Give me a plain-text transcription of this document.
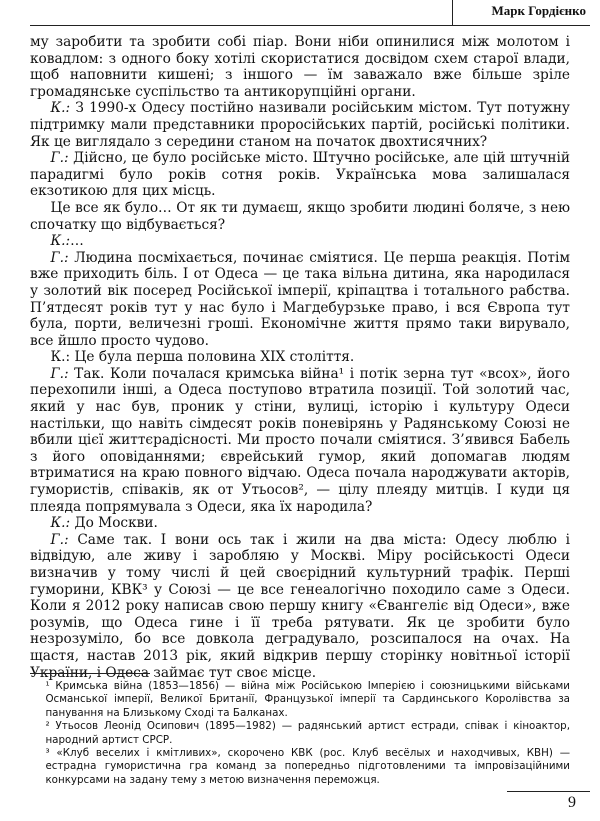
Марк Гордієнко

му заробити та зробити собі піар. Вони ніби опинилися між молотом і ковадлом: з одного боку хотілі скористатися досвідом схем старої влади, щоб наповнити кишені; з іншого — їм заважало вже більше зріле громадянське суспільство та антикорупційні органи.

К.: З 1990-х Одесу постійно називали російським містом. Тут потужну підтримку мали представники проросійських партій, російські політики. Як це виглядало з середини станом на початок двохтисячних?

Г.: Дійсно, це було російське місто. Штучно російське, але цій штучній парадигмі було років сотня років. Українська мова залишалася екзотикою для цих місць.

Це все як було… От як ти думаєш, якщо зробити людині боляче, з нею спочатку що відбувається?

К.:…

Г.: Людина посміхається, починає сміятися. Це перша реакція. Потім вже приходить біль. І от Одеса — це така вільна дитина, яка народилася у золотий вік посеред Російської імперії, кріпацтва і тотального рабства. П’ятдесят років тут у нас було і Магдебурзьке право, і вся Європа тут була, порти, величезні гроші. Економічне життя прямо таки вирувало, все йшло просто чудово.

К.: Це була перша половина XIX століття.

Г.: Так. Коли почалася кримська війна¹ і потік зерна тут «всох», його перехопили інші, а Одеса поступово втратила позиції. Той золотий час, який у нас був, проник у стіни, вулиці, історію і культуру Одеси настільки, що навіть сімдесят років поневірянь у Радянському Союзі не вбили цієї життєрадісності. Ми просто почали сміятися. З’явився Бабель з його оповіданнями; єврейський гумор, який допомагав людям втриматися на краю повного відчаю. Одеса почала народжувати акторів, гумористів, співаків, як от Утьосов², — цілу плеяду митців. І куди ця плеяда попрямувала з Одеси, яка їх народила?

К.: До Москви.

Г.: Саме так. І вони ось так і жили на два міста: Одесу люблю і відвідую, але живу і заробляю у Москві. Міру російськості Одеси визначив у тому числі й цей своєрідний культурний трафік. Перші гуморини, КВК³ у Союзі — це все генеалогічно походило саме з Одеси. Коли я 2012 року написав свою першу книгу «Євангеліє від Одеси», вже розумів, що Одеса гине і її треба рятувати. Як це зробити було незрозуміло, бо все довкола деградувало, розсипалося на очах. На щастя, настав 2013 рік, який відкрив першу сторінку новітньої історії України, і Одеса займає тут своє місце.

¹ Кримська війна (1853—1856) — війна між Російською Імперією і союзницькими військами Османської імперії, Великої Британії, Французької імперії та Сардинського Королівства за панування на Близькому Сході та Балканах.

² Утьосов Леонід Осипович (1895—1982) — радянський артист естради, співак і кіноактор, народний артист СРСР.

³ «Клуб веселих і кмітливих», скорочено КВК (рос. Клуб весёлых и находчивых, КВН) — естрадна гумористична гра команд за попередньо підготовленими та імпровізаційними конкурсами на задану тему з метою визначення переможця.

9
